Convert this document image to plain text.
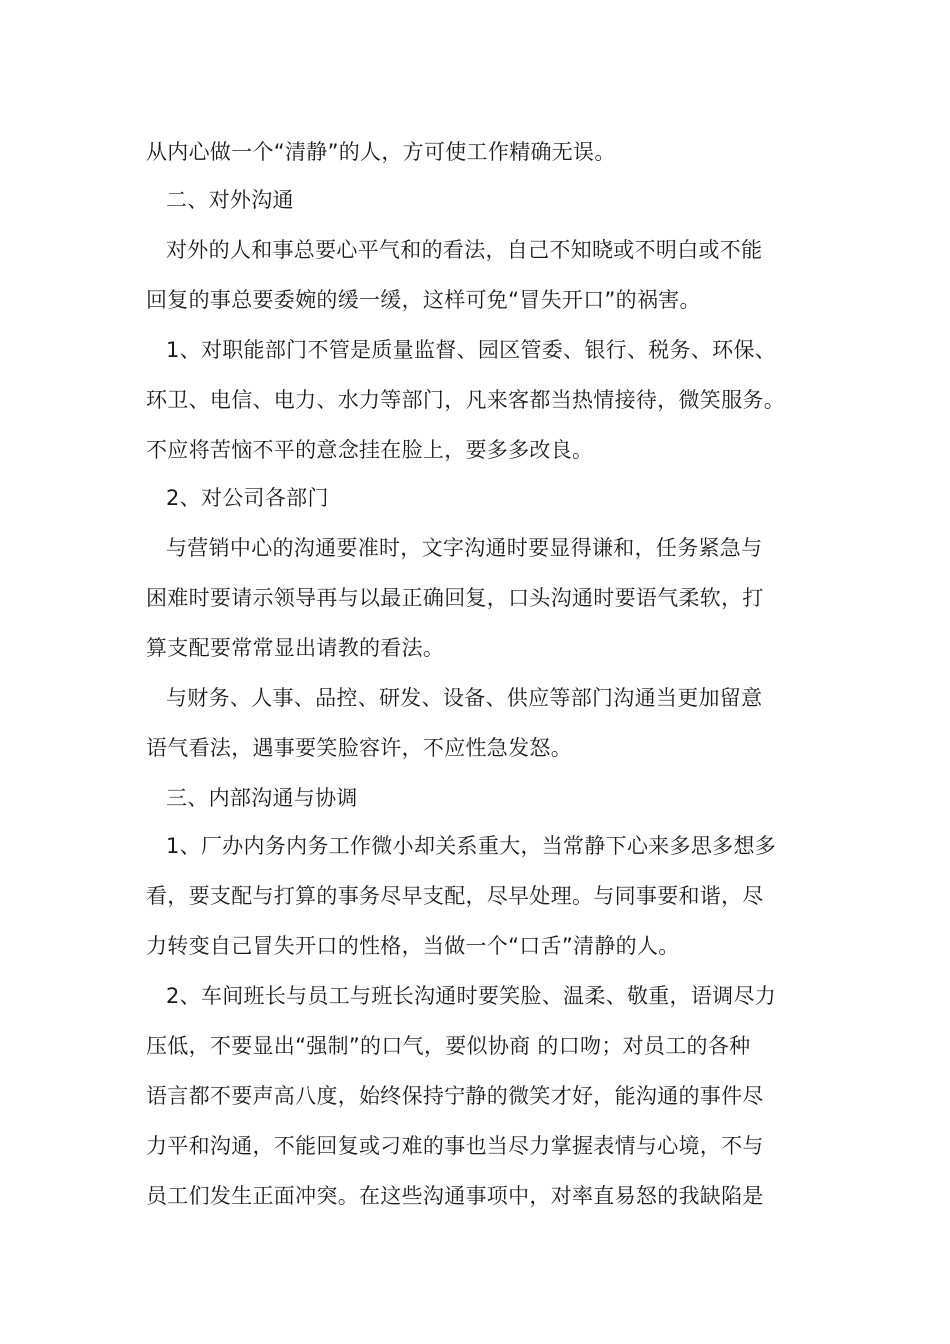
从内心做一个“清静”的人，方可使工作精确无误。
二、对外沟通
对外的人和事总要心平气和的看法，自己不知晓或不明白或不能
回复的事总要委婉的缓一缓，这样可免“冒失开口”的祸害。
1、对职能部门不管是质量监督、园区管委、银行、税务、环保、
环卫、电信、电力、水力等部门，凡来客都当热情接待，微笑服务。
不应将苦恼不平的意念挂在脸上，要多多改良。
2、对公司各部门
与营销中心的沟通要准时，文字沟通时要显得谦和，任务紧急与
困难时要请示领导再与以最正确回复，口头沟通时要语气柔软，打
算支配要常常显出请教的看法。
与财务、人事、品控、研发、设备、供应等部门沟通当更加留意
语气看法，遇事要笑脸容许，不应性急发怒。
三、内部沟通与协调
1、厂办内务内务工作微小却关系重大，当常静下心来多思多想多
看，要支配与打算的事务尽早支配，尽早处理。与同事要和谐，尽
力转变自己冒失开口的性格，当做一个“口舌”清静的人。
2、车间班长与员工与班长沟通时要笑脸、温柔、敬重，语调尽力
压低，不要显出“强制”的口气，要似协商 的口吻；对员工的各种
语言都不要声高八度，始终保持宁静的微笑才好，能沟通的事件尽
力平和沟通，不能回复或刁难的事也当尽力掌握表情与心境，不与
员工们发生正面冲突。在这些沟通事项中，对率直易怒的我缺陷是
